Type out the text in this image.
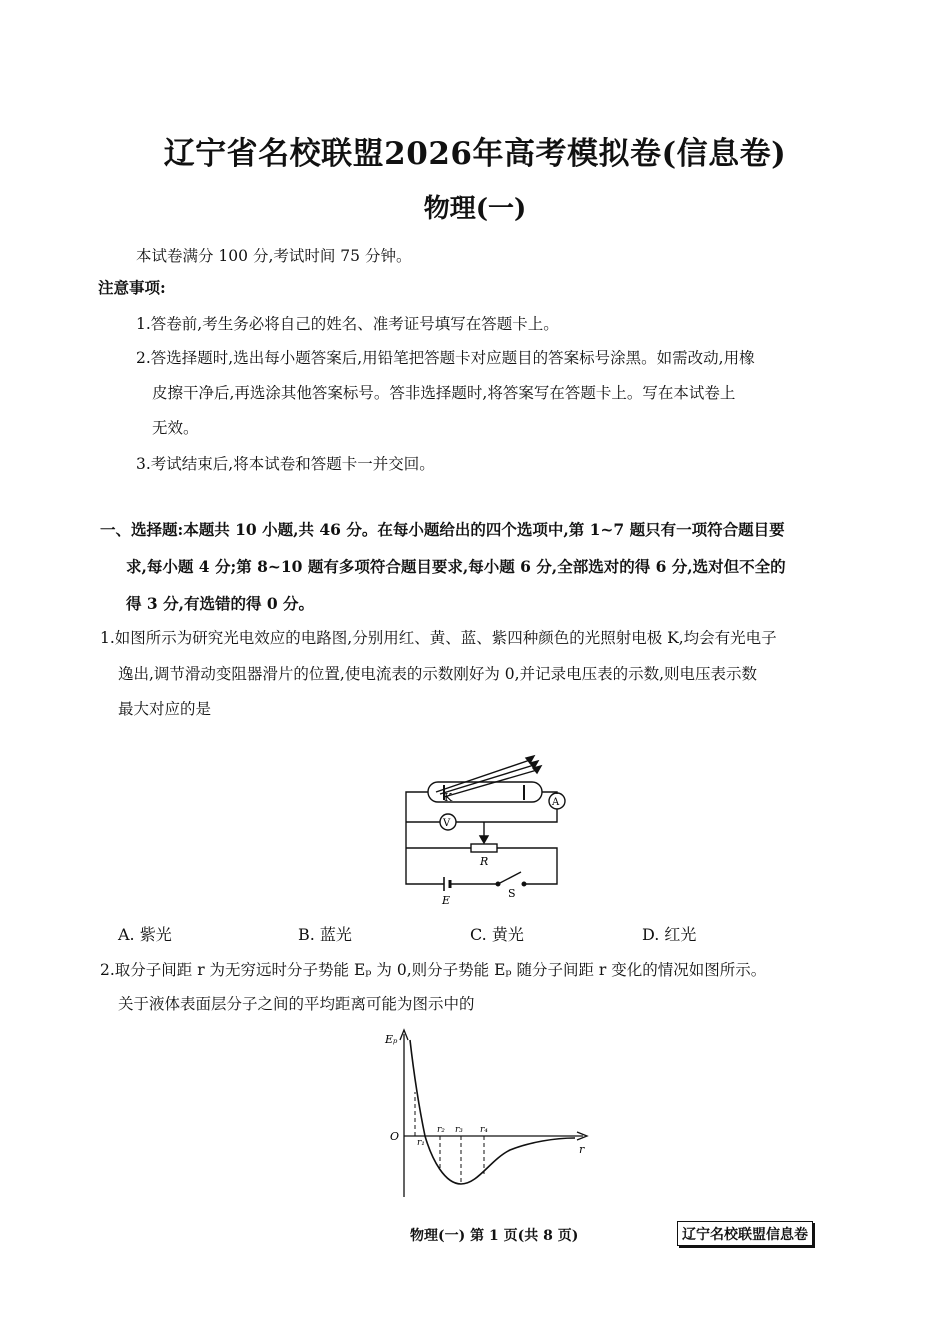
辽宁省名校联盟2026年高考模拟卷(信息卷)
物理(一)
本试卷满分 100 分,考试时间 75 分钟。
注意事项:
1.答卷前,考生务必将自己的姓名、准考证号填写在答题卡上。
2.答选择题时,选出每小题答案后,用铅笔把答题卡对应题目的答案标号涂黑。如需改动,用橡
皮擦干净后,再选涂其他答案标号。答非选择题时,将答案写在答题卡上。写在本试卷上
无效。
3.考试结束后,将本试卷和答题卡一并交回。
一、选择题:本题共 10 小题,共 46 分。在每小题给出的四个选项中,第 1~7 题只有一项符合题目要
求,每小题 4 分;第 8~10 题有多项符合题目要求,每小题 6 分,全部选对的得 6 分,选对但不全的
得 3 分,有选错的得 0 分。
1.如图所示为研究光电效应的电路图,分别用红、黄、蓝、紫四种颜色的光照射电极 K,均会有光电子
逸出,调节滑动变阻器滑片的位置,使电流表的示数刚好为 0,并记录电压表的示数,则电压表示数
最大对应的是
K	A
V
R
S
E
A. 紫光	B. 蓝光	C. 黄光	D. 红光
2.取分子间距 r 为无穷远时分子势能 Eₚ 为 0,则分子势能 Eₚ 随分子间距 r 变化的情况如图所示。
关于液体表面层分子之间的平均距离可能为图示中的
Eₚ
r
O r₁
r₂ r₃ r₄
物理(一) 第 1 页(共 8 页)	辽宁名校联盟信息卷
